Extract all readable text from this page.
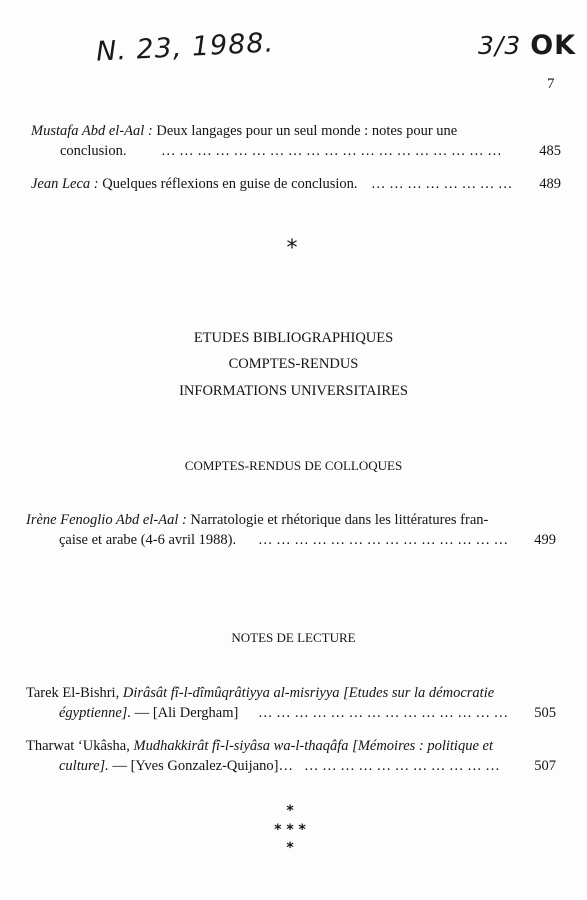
N. 23, 1988.	3/3 OK
7
Mustafa Abd el-Aal : Deux langages pour un seul monde : notes pour une
conclusion. … … … … … … … … … … … … … … … … … … …	485
Jean Leca : Quelques réflexions en guise de conclusion. … … … … … … … …	489
*
ETUDES BIBLIOGRAPHIQUES
COMPTES-RENDUS
INFORMATIONS UNIVERSITAIRES
COMPTES-RENDUS DE COLLOQUES
Irène Fenoglio Abd el-Aal : Narratologie et rhétorique dans les littératures fran-
çaise et arabe (4-6 avril 1988). … … … … … … … … … … … … … …	499
NOTES DE LECTURE
Tarek El-Bishri, Dirâsât fî-l-dîmûqrâtiyya al-misriyya [Etudes sur la démocratie
égyptienne]. — [Ali Dergham] … … … … … … … … … … … … … …	505
Tharwat ‘Ukâsha, Mudhakkirât fî-l-siyâsa wa-l-thaqâfa [Mémoires : politique et
culture]. — [Yves Gonzalez-Quijano]… … … … … … … … … … … …	507
*
* * *
*
